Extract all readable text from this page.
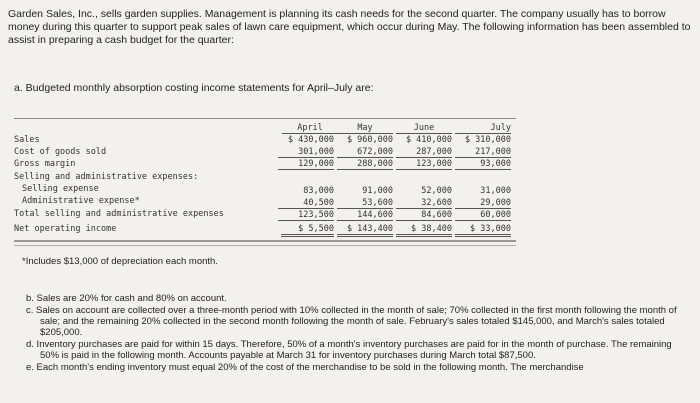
Garden Sales, Inc., sells garden supplies. Management is planning its cash needs for the second quarter. The company usually has to borrow money during this quarter to support peak sales of lawn care equipment, which occur during May. The following information has been assembled to assist in preparing a cash budget for the quarter:
a. Budgeted monthly absorption costing income statements for April–July are:
April	May	June	July
Sales	$ 430,000	$ 960,000	$ 410,000	$ 310,000
Cost of goods sold	301,000	672,000	287,000	217,000
Gross margin	129,000	288,000	123,000	93,000
Selling and administrative expenses:
Selling expense	83,000	91,000	52,000	31,000
Administrative expense*	40,500	53,600	32,600	29,000
Total selling and administrative expenses	123,500	144,600	84,600	60,000
Net operating income	$ 5,500	$ 143,400	$ 38,400	$ 33,000
*Includes $13,000 of depreciation each month.

b. Sales are 20% for cash and 80% on account.

c. Sales on account are collected over a three-month period with 10% collected in the month of sale; 70% collected in the first month following the month of sale; and the remaining 20% collected in the second month following the month of sale. February's sales totaled $145,000, and March's sales totaled $205,000.

d. Inventory purchases are paid for within 15 days. Therefore, 50% of a month's inventory purchases are paid for in the month of purchase. The remaining 50% is paid in the following month. Accounts payable at March 31 for inventory purchases during March total $87,500.

e. Each month's ending inventory must equal 20% of the cost of the merchandise to be sold in the following month. The merchandise
